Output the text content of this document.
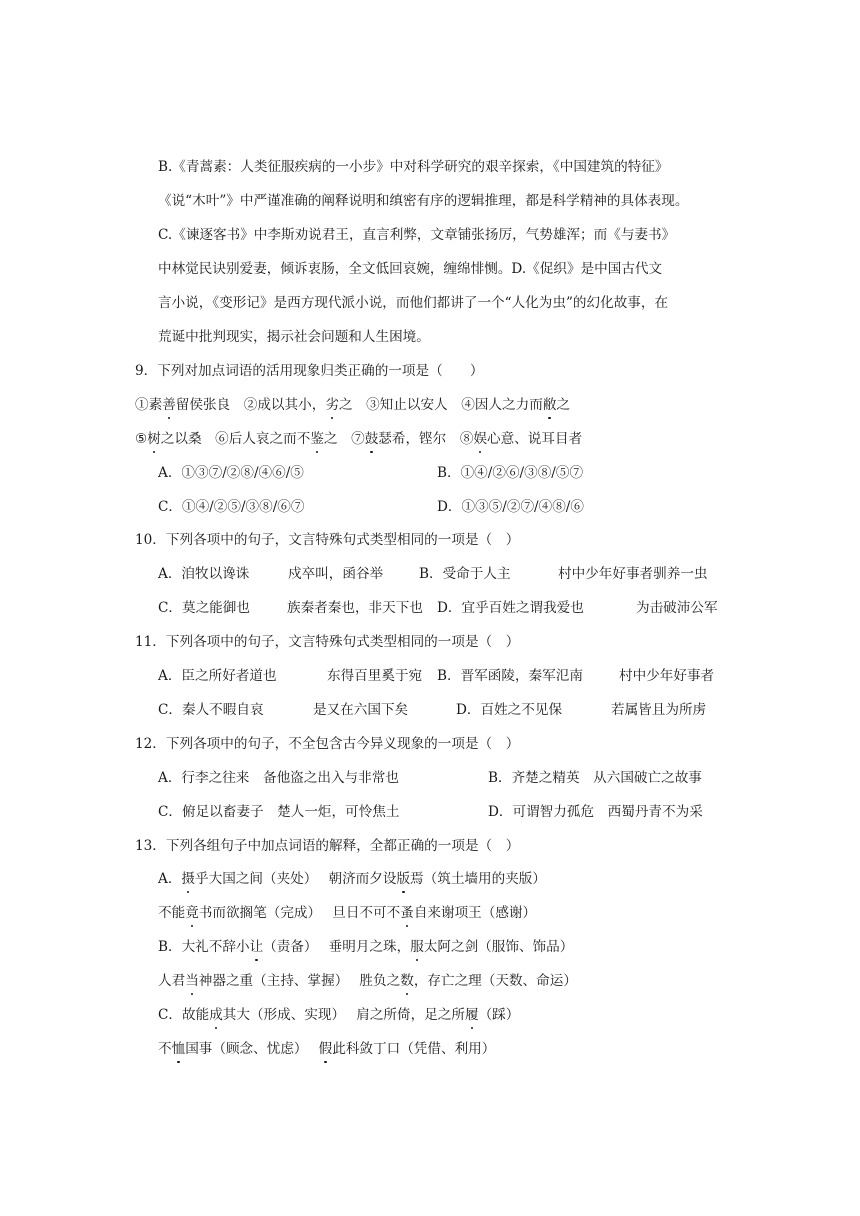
B.《青蒿素：人类征服疾病的一小步》中对科学研究的艰辛探索，《中国建筑的特征》
《说“木叶”》中严谨准确的阐释说明和缜密有序的逻辑推理，都是科学精神的具体表现。
C.《谏逐客书》中李斯劝说君王，直言利弊，文章铺张扬厉，气势雄浑；而《与妻书》
中林觉民诀别爱妻，倾诉衷肠，全文低回哀婉，缠绵悱恻。D.《促织》是中国古代文
言小说，《变形记》是西方现代派小说，而他们都讲了一个“人化为虫”的幻化故事，在
荒诞中批判现实，揭示社会问题和人生困境。
9．下列对加点词语的活用现象归类正确的一项是（　　）
①素善留侯张良　②成以其小，劣之　③知止以安人　④因人之力而敝之
⑤树之以桑　⑥后人哀之而不鉴之　⑦鼓瑟希，铿尔　⑧娱心意、说耳目者
A．①③⑦/②⑧/④⑥/⑤	B．①④/②⑥/③⑧/⑤⑦
C．①④/②⑤/③⑧/⑥⑦	D．①③⑤/②⑦/④⑧/⑥
10．下列各项中的句子，文言特殊句式类型相同的一项是（　）
A．洎牧以谗诛	戍卒叫，函谷举	B．受命于人主	村中少年好事者驯养一虫
C．莫之能御也	族秦者秦也，非天下也 D．宜乎百姓之谓我爱也	为击破沛公军
11．下列各项中的句子，文言特殊句式类型相同的一项是（　）
A．臣之所好者道也	东得百里奚于宛 B．晋军函陵，秦军氾南	村中少年好事者
C．秦人不暇自哀	是又在六国下矣	D．百姓之不见保	若属皆且为所虏
12．下列各项中的句子，不全包含古今异义现象的一项是（　）
A．行李之往来　备他盗之出入与非常也	B．齐楚之精英　从六国破亡之故事
C．俯足以畜妻子　楚人一炬，可怜焦土	D．可谓智力孤危　西蜀丹青不为采
13．下列各组句子中加点词语的解释，全都正确的一项是（　）
A．摄乎大国之间（夹处）　 朝济而夕设版焉（筑土墙用的夹版）
不能竟书而欲搁笔（完成）　 旦日不可不蚤自来谢项王（感谢）
B．大礼不辞小让（责备）　 垂明月之珠，服太阿之剑（服饰、饰品）
人君当神器之重（主持、掌握）　 胜负之数，存亡之理（天数、命运）
C．故能成其大（形成、实现）　 肩之所倚，足之所履（踩）
不恤国事（顾念、忧虑）　 假此科敛丁口（凭借、利用）
